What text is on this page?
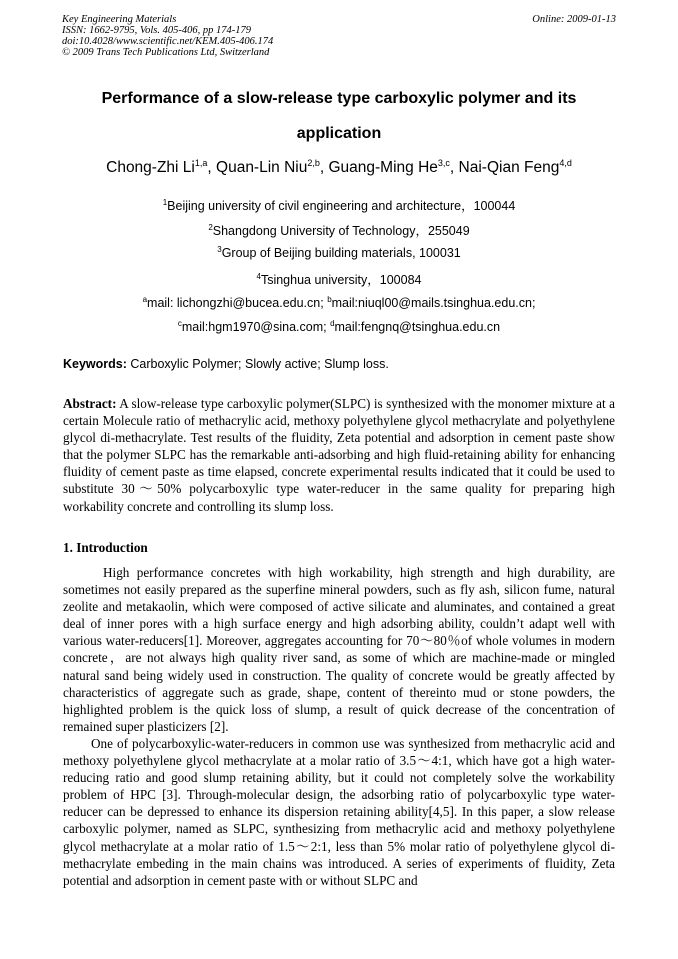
Key Engineering Materials
ISSN: 1662-9795, Vols. 405-406, pp 174-179
doi:10.4028/www.scientific.net/KEM.405-406.174
© 2009 Trans Tech Publications Ltd, Switzerland
Online: 2009-01-13
Performance of a slow-release type carboxylic polymer and its
application
Chong-Zhi Li$^{1,a}$, Quan-Lin Niu$^{2,b}$, Guang-Ming He$^{3,c}$, Nai-Qian Feng$^{4,d}$
$^1$Beijing university of civil engineering and architecture，100044
$^2$Shangdong University of Technology，255049
$^3$Group of Beijing building materials, 100031
$^4$Tsinghua university，100084
$^a$mail: lichongzhi@bucea.edu.cn; $^b$mail:niuql00@mails.tsinghua.edu.cn;
$^c$mail:hgm1970@sina.com; $^d$mail:fengnq@tsinghua.edu.cn
Keywords: Carboxylic Polymer; Slowly active; Slump loss.
Abstract: A slow-release type carboxylic polymer(SLPC) is synthesized with the monomer mixture at a certain Molecule ratio of methacrylic acid, methoxy polyethylene glycol methacrylate and polyethylene glycol di-methacrylate. Test results of the fluidity, Zeta potential and adsorption in cement paste show that the polymer SLPC has the remarkable anti-adsorbing and high fluid-retaining ability for enhancing fluidity of cement paste as time elapsed, concrete experimental results indicated that it could be used to substitute 30～50% polycarboxylic type water-reducer in the same quality for preparing high workability concrete and controlling its slump loss.
1. Introduction

High performance concretes with high workability, high strength and high durability, are sometimes not easily prepared as the superfine mineral powders, such as fly ash, silicon fume, natural zeolite and metakaolin, which were composed of active silicate and aluminates, and contained a great deal of inner pores with a high surface energy and high adsorbing ability, couldn’t adapt well with various water-reducers[1]. Moreover, aggregates accounting for 70～80％of whole volumes in modern concrete，are not always high quality river sand, as some of which are machine-made or mingled natural sand being widely used in construction. The quality of concrete would be greatly affected by characteristics of aggregate such as grade, shape, content of thereinto mud or stone powders, the highlighted problem is the quick loss of slump, a result of quick decrease of the concentration of remained super plasticizers [2].

One of polycarboxylic-water-reducers in common use was synthesized from methacrylic acid and methoxy polyethylene glycol methacrylate at a molar ratio of 3.5～4:1, which have got a high water-reducing ratio and good slump retaining ability, but it could not completely solve the workability problem of HPC [3]. Through-molecular design, the adsorbing ratio of polycarboxylic type water-reducer can be depressed to enhance its dispersion retaining ability[4,5]. In this paper, a slow release carboxylic polymer, named as SLPC, synthesizing from methacrylic acid and methoxy polyethylene glycol methacrylate at a molar ratio of 1.5～2:1, less than 5% molar ratio of polyethylene glycol di-methacrylate embeding in the main chains was introduced. A series of experiments of fluidity, Zeta potential and adsorption in cement paste with or without SLPC and
